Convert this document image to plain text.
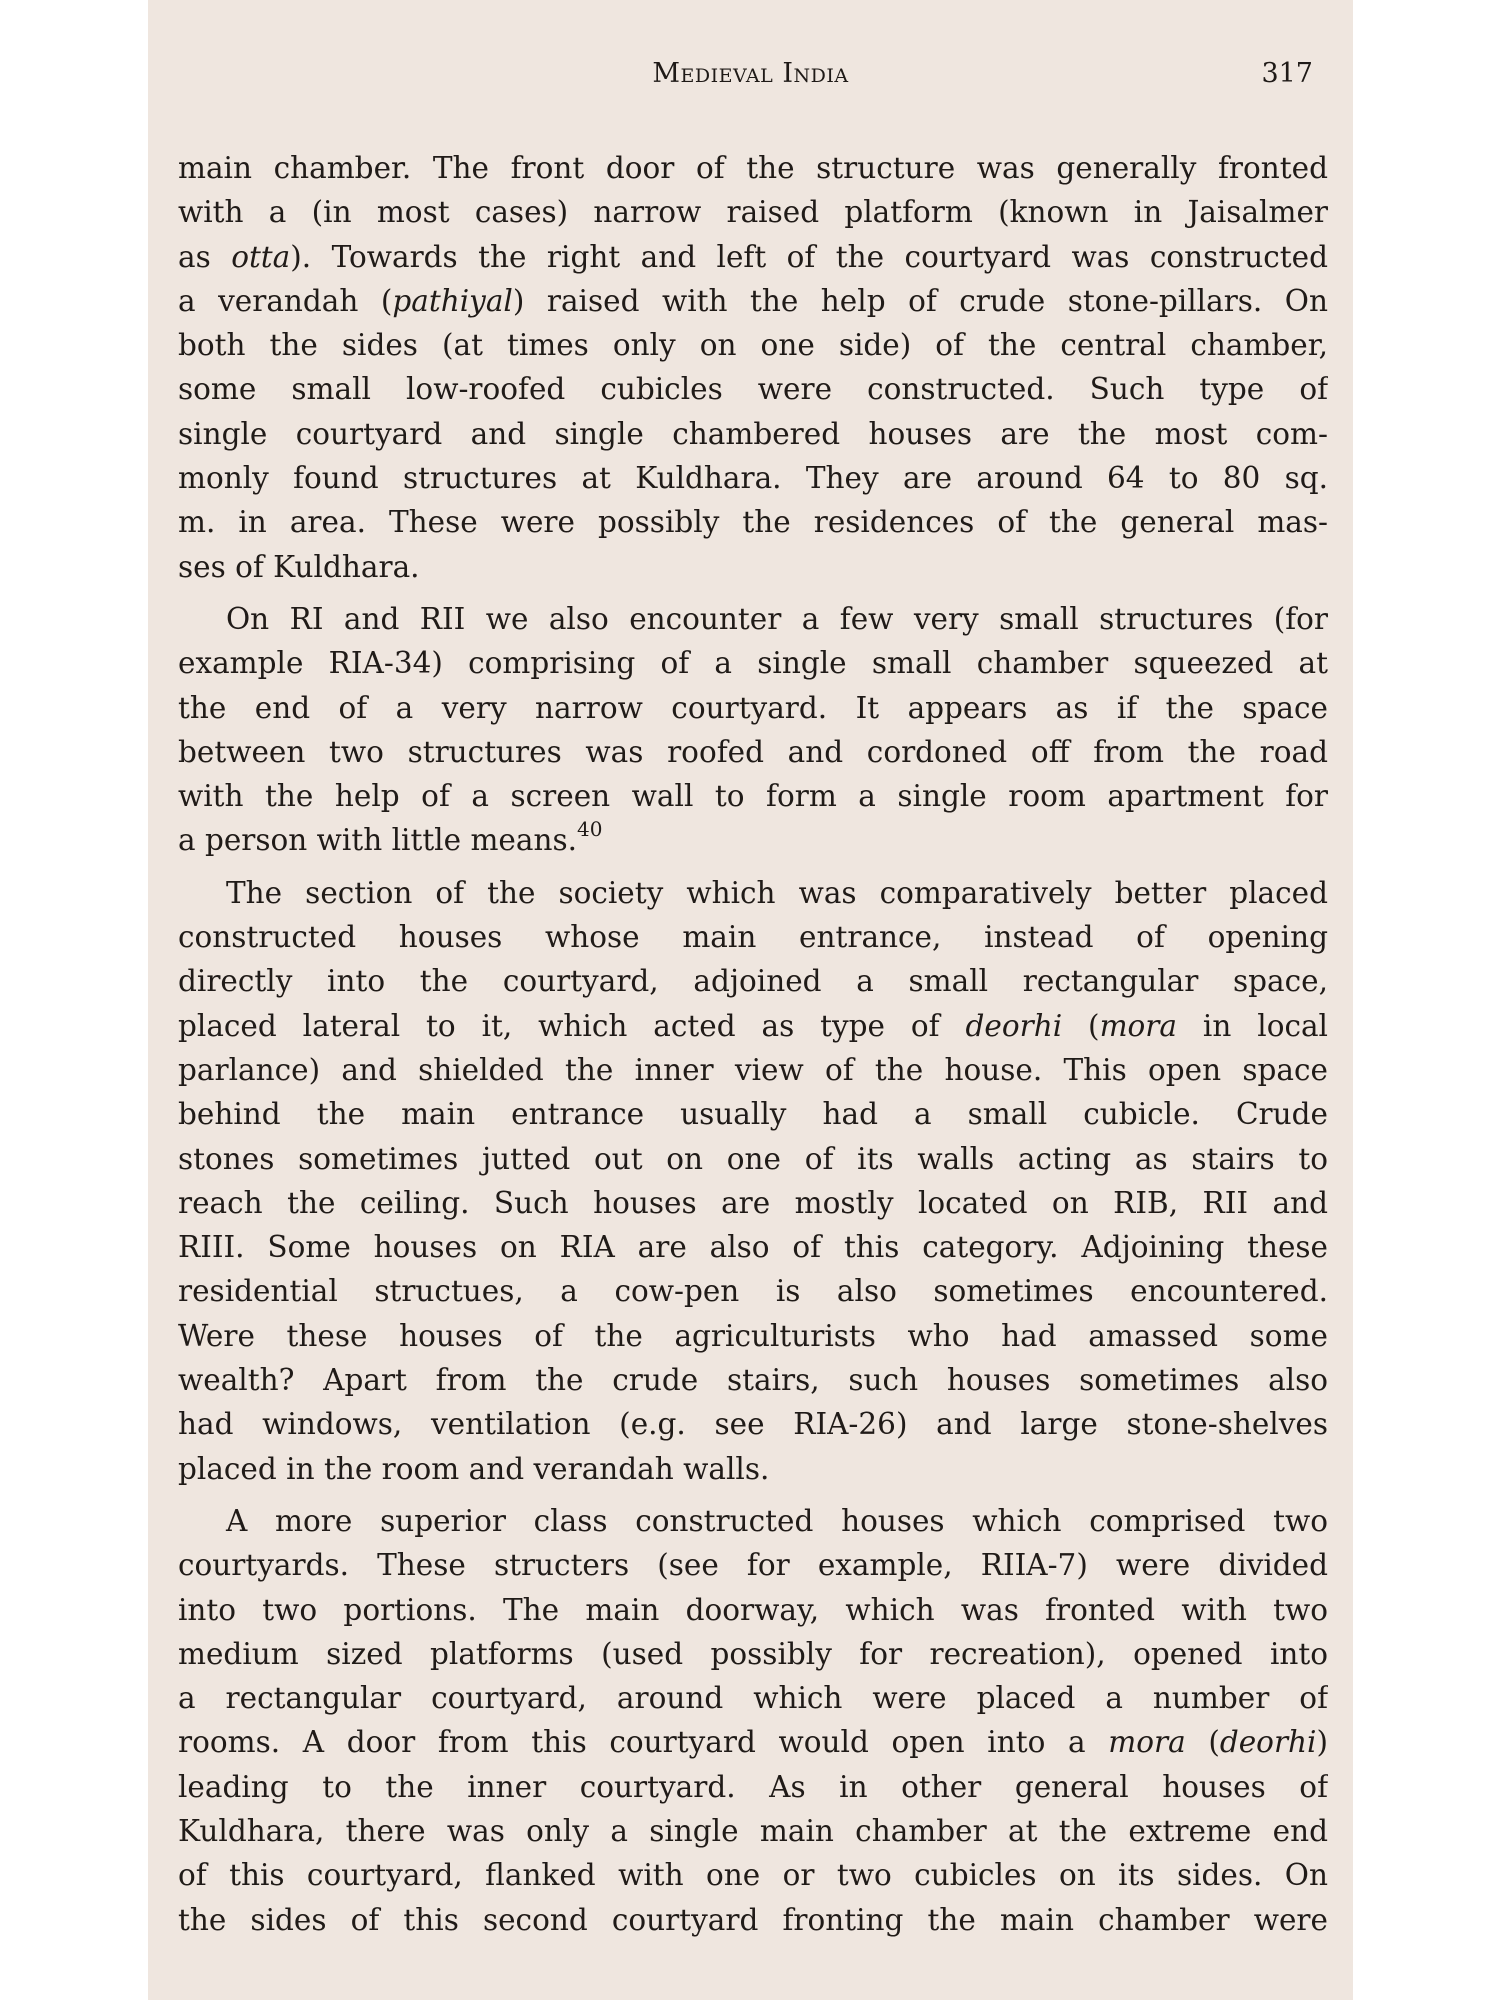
Medieval India	317
main chamber. The front door of the structure was generally fronted
with a (in most cases) narrow raised platform (known in Jaisalmer
as otta). Towards the right and left of the courtyard was constructed
a verandah (pathiyal) raised with the help of crude stone-pillars. On
both the sides (at times only on one side) of the central chamber,
some small low-roofed cubicles were constructed. Such type of
single courtyard and single chambered houses are the most com-
monly found structures at Kuldhara. They are around 64 to 80 sq.
m. in area. These were possibly the residences of the general mas-
ses of Kuldhara.
On RI and RII we also encounter a few very small structures (for
example RIA-34) comprising of a single small chamber squeezed at
the end of a very narrow courtyard. It appears as if the space
between two structures was roofed and cordoned off from the road
with the help of a screen wall to form a single room apartment for
a person with little means.$^{40}$
The section of the society which was comparatively better placed
constructed houses whose main entrance, instead of opening
directly into the courtyard, adjoined a small rectangular space,
placed lateral to it, which acted as type of deorhi (mora in local
parlance) and shielded the inner view of the house. This open space
behind the main entrance usually had a small cubicle. Crude
stones sometimes jutted out on one of its walls acting as stairs to
reach the ceiling. Such houses are mostly located on RIB, RII and
RIII. Some houses on RIA are also of this category. Adjoining these
residential structues, a cow-pen is also sometimes encountered.
Were these houses of the agriculturists who had amassed some
wealth? Apart from the crude stairs, such houses sometimes also
had windows, ventilation (e.g. see RIA-26) and large stone-shelves
placed in the room and verandah walls.
A more superior class constructed houses which comprised two
courtyards. These structers (see for example, RIIA-7) were divided
into two portions. The main doorway, which was fronted with two
medium sized platforms (used possibly for recreation), opened into
a rectangular courtyard, around which were placed a number of
rooms. A door from this courtyard would open into a mora (deorhi)
leading to the inner courtyard. As in other general houses of
Kuldhara, there was only a single main chamber at the extreme end
of this courtyard, flanked with one or two cubicles on its sides. On
the sides of this second courtyard fronting the main chamber were
